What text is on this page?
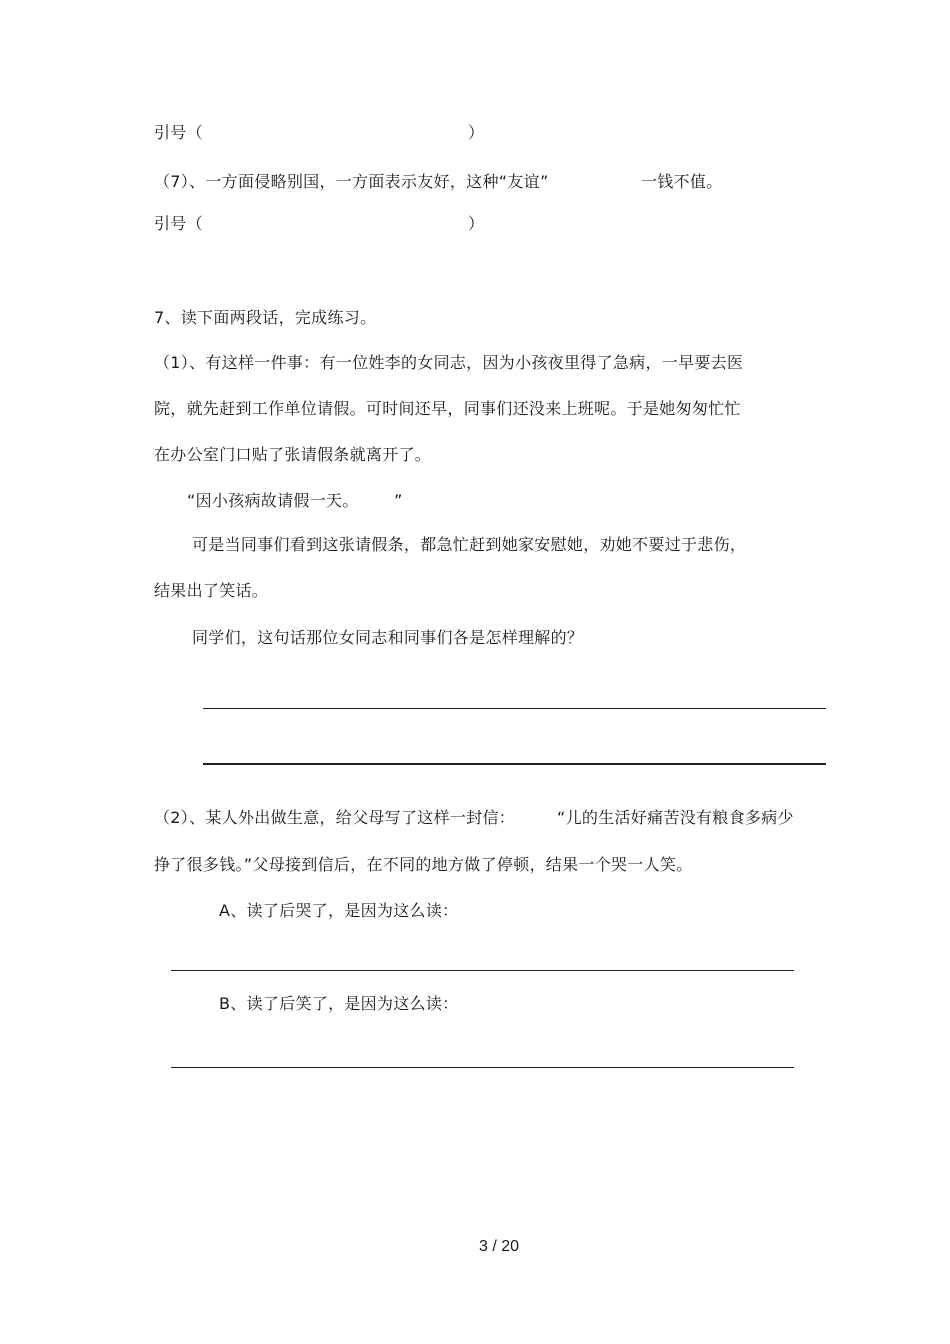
引号（	）
（7）、一方面侵略别国，一方面表示友好，这种“友谊”	一钱不值。
引号（	）
7、读下面两段话，完成练习。
（1）、有这样一件事：有一位姓李的女同志，因为小孩夜里得了急病，一早要去医
院，就先赶到工作单位请假。可时间还早，同事们还没来上班呢。于是她匆匆忙忙
在办公室门口贴了张请假条就离开了。
“因小孩病故请假一天。 ”
可是当同事们看到这张请假条，都急忙赶到她家安慰她，劝她不要过于悲伤，
结果出了笑话。
同学们，这句话那位女同志和同事们各是怎样理解的？
（2）、某人外出做生意，给父母写了这样一封信：	“儿的生活好痛苦没有粮食多病少
挣了很多钱。”父母接到信后，在不同的地方做了停顿，结果一个哭一人笑。
A、读了后哭了，是因为这么读：
B、读了后笑了，是因为这么读：
3 / 20
